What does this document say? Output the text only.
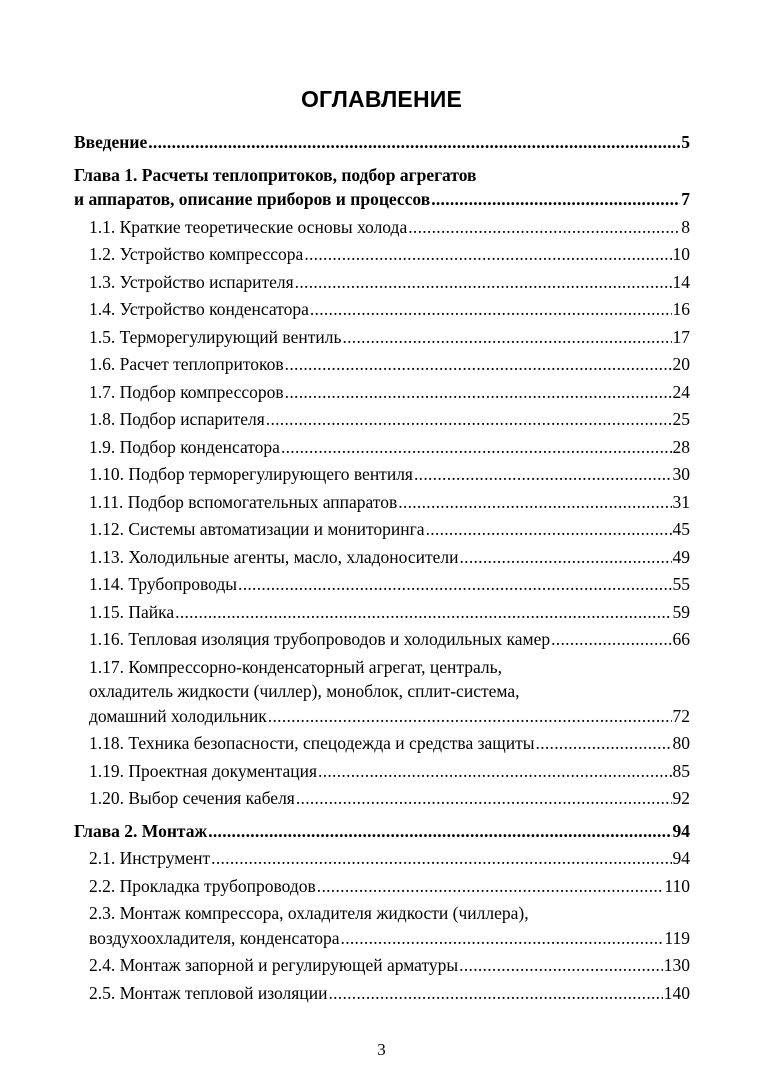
ОГЛАВЛЕНИЕ
Введение .....	5
Глава 1. Расчеты теплопритоков, подбор агрегатов
и аппаратов, описание приборов и процессов .....	7
1.1. Краткие теоретические основы холода .....	8
1.2. Устройство компрессора .....	10
1.3. Устройство испарителя .....	14
1.4. Устройство конденсатора .....	16
1.5. Терморегулирующий вентиль .....	17
1.6. Расчет теплопритоков .....	20
1.7. Подбор компрессоров .....	24
1.8. Подбор испарителя .....	25
1.9. Подбор конденсатора .....	28
1.10. Подбор терморегулирующего вентиля .....	30
1.11. Подбор вспомогательных аппаратов .....	31
1.12. Системы автоматизации и мониторинга .....	45
1.13. Холодильные агенты, масло, хладоносители .....	49
1.14. Трубопроводы .....	55
1.15. Пайка .....	59
1.16. Тепловая изоляция трубопроводов и холодильных камер .....	66
1.17. Компрессорно-конденсаторный агрегат, централь,
охладитель жидкости (чиллер), моноблок, сплит-система,
домашний холодильник .....	72
1.18. Техника безопасности, спецодежда и средства защиты .....	80
1.19. Проектная документация .....	85
1.20. Выбор сечения кабеля .....	92
Глава 2. Монтаж .....	94
2.1. Инструмент .....	94
2.2. Прокладка трубопроводов .....	110
2.3. Монтаж компрессора, охладителя жидкости (чиллера),
воздухоохладителя, конденсатора .....	119
2.4. Монтаж запорной и регулирующей арматуры .....	130
2.5. Монтаж тепловой изоляции .....	140
3
